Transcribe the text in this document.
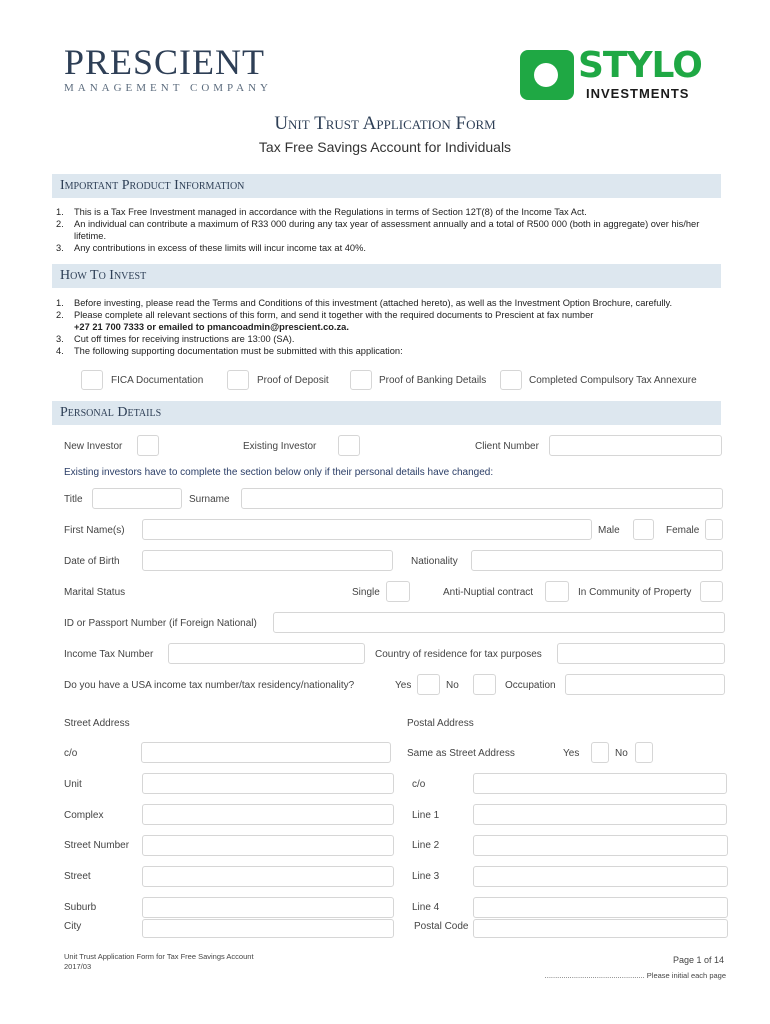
PRESCIENT
MANAGEMENT COMPANY
STYLO
INVESTMENTS
Unit Trust Application Form
Tax Free Savings Account for Individuals
Important Product Information
1. This is a Tax Free Investment managed in accordance with the Regulations in terms of Section 12T(8) of the Income Tax Act.
2. An individual can contribute a maximum of R33 000 during any tax year of assessment annually and a total of R500 000 (both in aggregate) over his/her lifetime.
3. Any contributions in excess of these limits will incur income tax at 40%.
How To Invest
1. Before investing, please read the Terms and Conditions of this investment (attached hereto), as well as the Investment Option Brochure, carefully.
2. Please complete all relevant sections of this form, and send it together with the required documents to Prescient at fax number
+27 21 700 7333 or emailed to pmancoadmin@prescient.co.za.
3. Cut off times for receiving instructions are 13:00 (SA).
4. The following supporting documentation must be submitted with this application:
FICA Documentation	Proof of Deposit	Proof of Banking Details	Completed Compulsory Tax Annexure
Personal Details
New Investor	Existing Investor	Client Number
Existing investors have to complete the section below only if their personal details have changed:
Title	Surname
First Name(s)	Male	Female
Date of Birth	Nationality
Marital Status	Single	Anti-Nuptial contract	In Community of Property
ID or Passport Number (if Foreign National)
Income Tax Number	Country of residence for tax purposes
Do you have a USA income tax number/tax residency/nationality?	Yes	No	Occupation
Street Address	Postal Address
c/o	Same as Street Address	Yes	No
Unit	c/o
Complex	Line 1
Street Number	Line 2
Street	Line 3
Suburb	Line 4
City	Postal Code
Unit Trust Application Form for Tax Free Savings Account
2017/03
Page 1 of 14
................................................ Please initial each page
